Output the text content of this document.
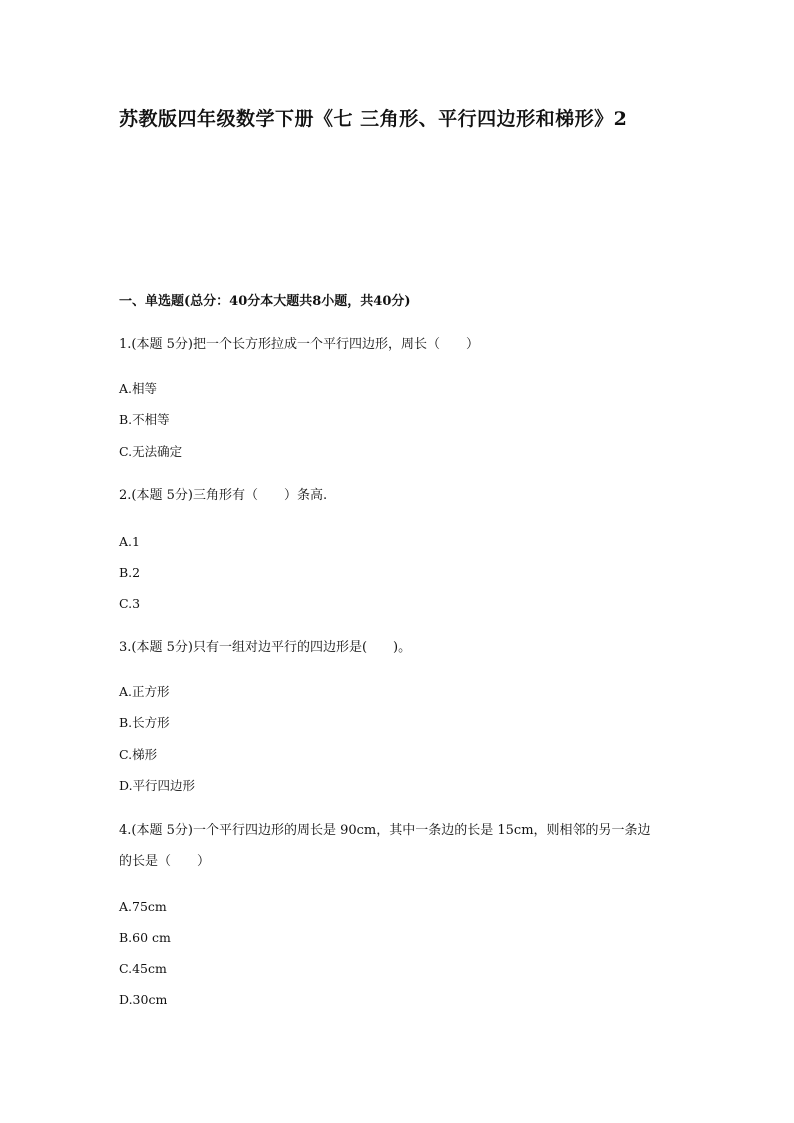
苏教版四年级数学下册《七 三角形、平行四边形和梯形》2
一、单选题(总分：40分本大题共8小题，共40分)

1.(本题 5分)把一个长方形拉成一个平行四边形，周长（　　）

A.相等

B.不相等

C.无法确定

2.(本题 5分)三角形有（　　）条高.

A.1

B.2

C.3

3.(本题 5分)只有一组对边平行的四边形是(　　)。

A.正方形

B.长方形

C.梯形

D.平行四边形

4.(本题 5分)一个平行四边形的周长是 90cm，其中一条边的长是 15cm，则相邻的另一条边

的长是（　　）

A.75cm

B.60 cm

C.45cm

D.30cm
